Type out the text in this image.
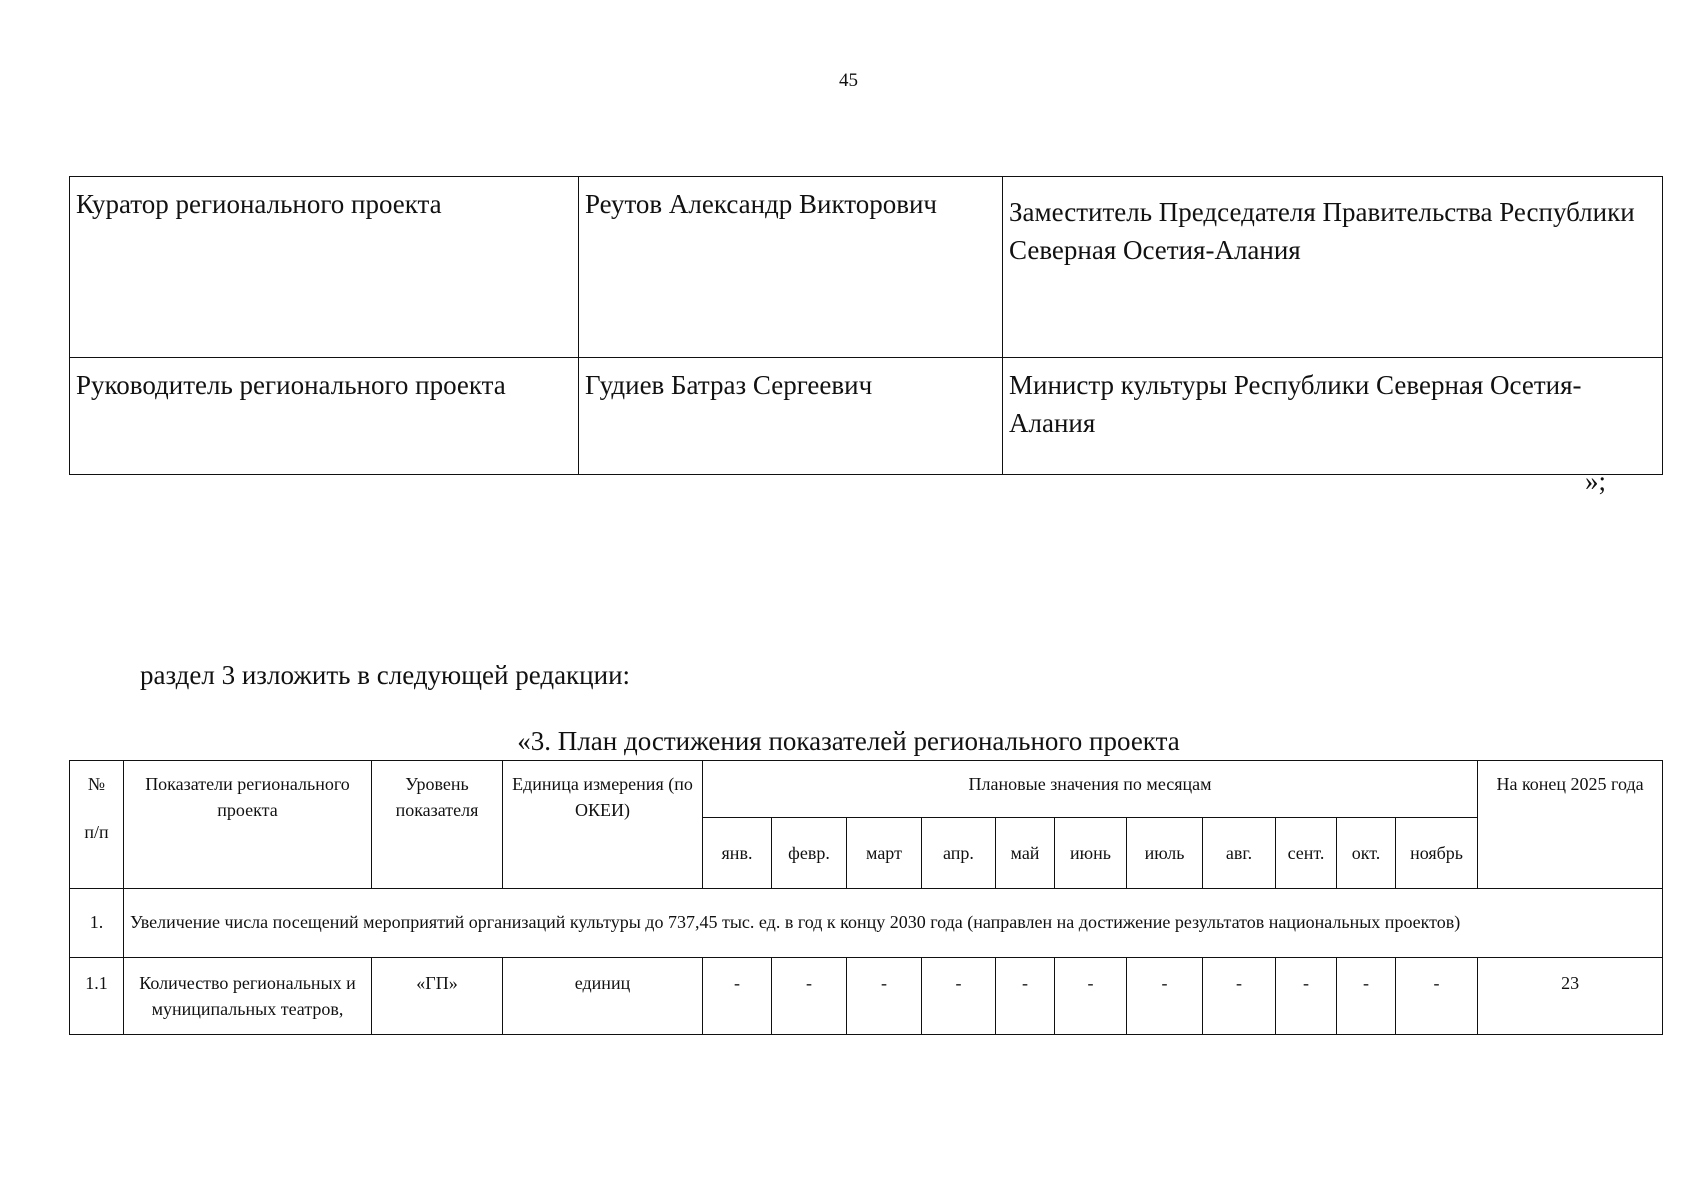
45
Куратор регионального проекта	Реутов Александр Викторович	Заместитель Председателя Правительства Республики Северная Осетия-Алания
Руководитель регионального проекта	Гудиев Батраз Сергеевич	Министр культуры Республики Северная Осетия-Алания
»;
раздел 3 изложить в следующей редакции:
«3. План достижения показателей регионального проекта
№
п/п	Показатели регионального проекта	Уровень показателя	Единица измерения (по ОКЕИ)	Плановые значения по месяцам											На конец 2025 года
				янв.	февр.	март	апр.	май	июнь	июль	авг.	сент.	окт.	ноябрь	
1.	Увеличение числа посещений мероприятий организаций культуры до 737,45 тыс. ед. в год к концу 2030 года (направлен на достижение результатов национальных проектов)														
1.1	Количество региональных и муниципальных театров,	«ГП»	единиц	-	-	-	-	-	-	-	-	-	-	-	23
